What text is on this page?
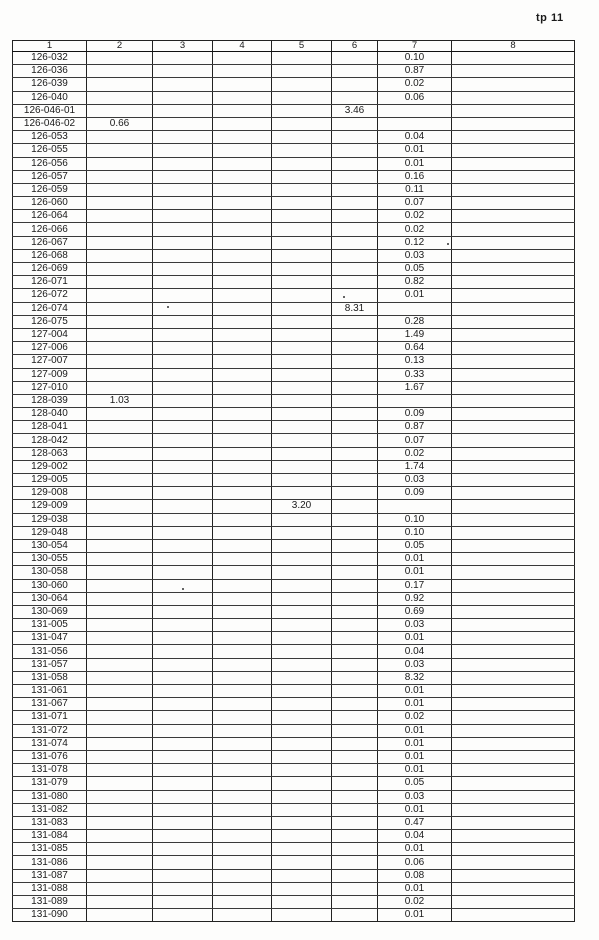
tp 11
1	2	3	4	5	6	7	8
126-032						0.10	
126-036						0.87	
126-039						0.02	
126-040						0.06	
126-046-01					3.46		
126-046-02	0.66						
126-053						0.04	
126-055						0.01	
126-056						0.01	
126-057						0.16	
126-059						0.11	
126-060						0.07	
126-064						0.02	
126-066						0.02	
126-067						0.12	
126-068						0.03	
126-069						0.05	
126-071						0.82	
126-072						0.01	
126-074					8.31		
126-075						0.28	
127-004						1.49	
127-006						0.64	
127-007						0.13	
127-009						0.33	
127-010						1.67	
128-039	1.03						
128-040						0.09	
128-041						0.87	
128-042						0.07	
128-063						0.02	
129-002						1.74	
129-005						0.03	
129-008						0.09	
129-009				3.20			
129-038						0.10	
129-048						0.10	
130-054						0.05	
130-055						0.01	
130-058						0.01	
130-060						0.17	
130-064						0.92	
130-069						0.69	
131-005						0.03	
131-047						0.01	
131-056						0.04	
131-057						0.03	
131-058						8.32	
131-061						0.01	
131-067						0.01	
131-071						0.02	
131-072						0.01	
131-074						0.01	
131-076						0.01	
131-078						0.01	
131-079						0.05	
131-080						0.03	
131-082						0.01	
131-083						0.47	
131-084						0.04	
131-085						0.01	
131-086						0.06	
131-087						0.08	
131-088						0.01	
131-089						0.02	
131-090						0.01	
